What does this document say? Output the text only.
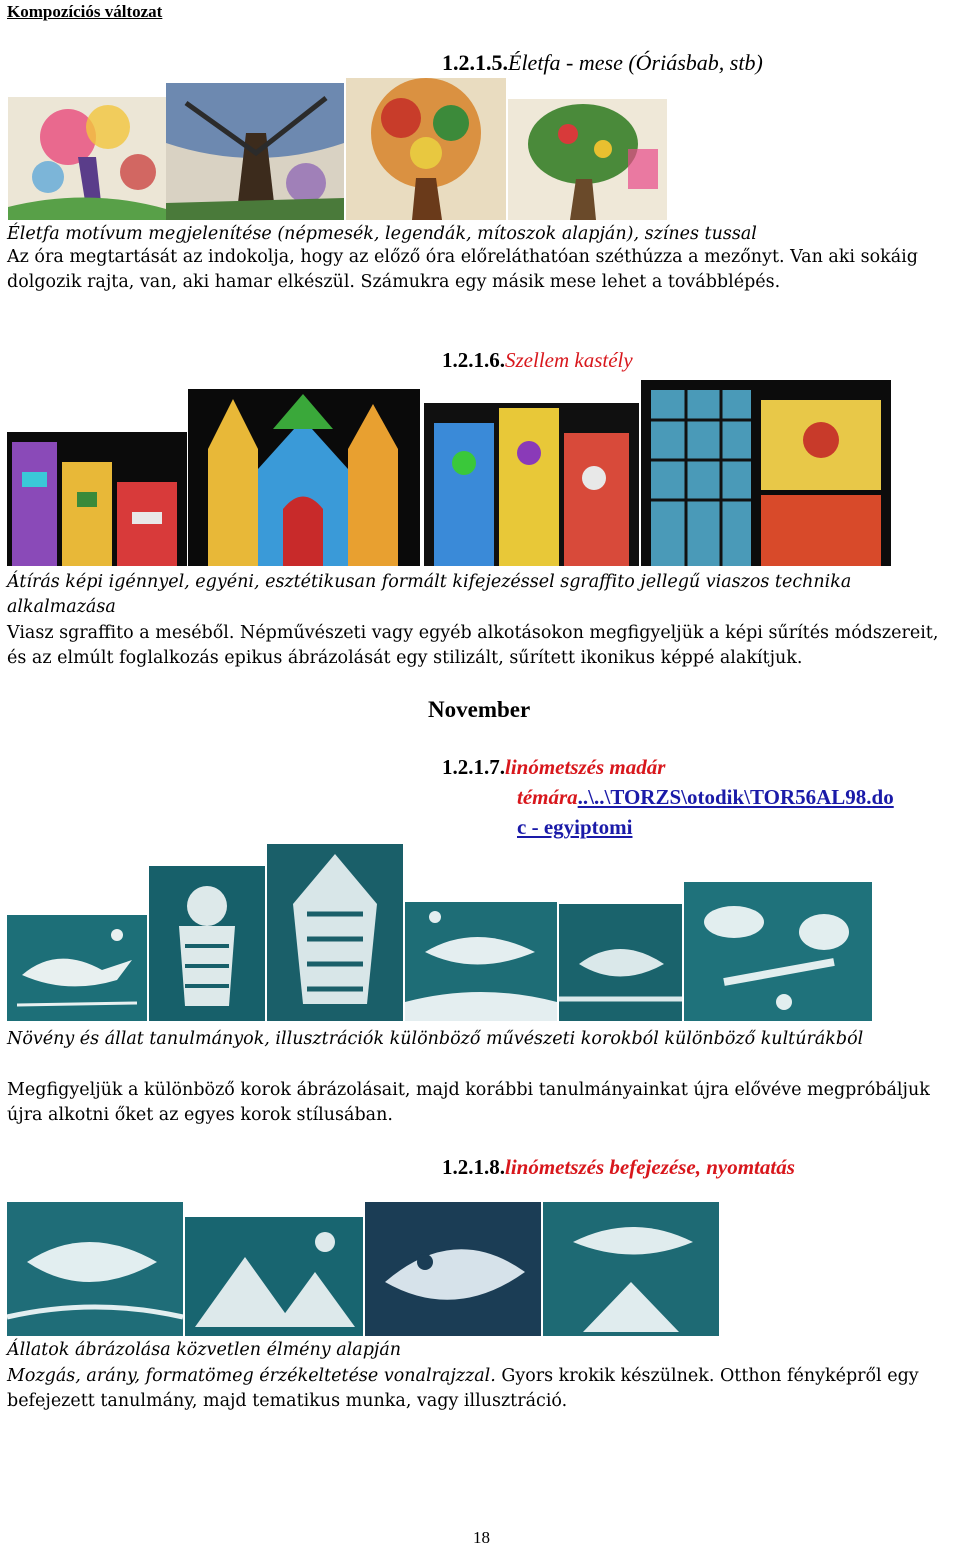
Kompozíciós változat
1.2.1.5.Életfa - mese (Óriásbab, stb)

Életfa motívum megjelenítése (népmesék, legendák, mítoszok alapján), színes tussal

Az óra megtartását az indokolja, hogy az előző óra előreláthatóan széthúzza a mezőnyt. Van aki sokáig dolgozik rajta, van, aki hamar elkészül. Számukra egy másik mese lehet a továbblépés.

1.2.1.6.Szellem kastély

Átírás képi igénnyel, egyéni, esztétikusan formált kifejezéssel sgraffito jellegű viaszos technika alkalmazása

Viasz sgraffito a meséből. Népművészeti vagy egyéb alkotásokon megfigyeljük a képi sűrítés módszereit, és az elmúlt foglalkozás epikus ábrázolását egy stilizált, sűrített ikonikus képpé alakítjuk.

November
1.2.1.7.linómetszés madár
témára..\..\TORZS\otodik\TOR56AL98.do
c - egyiptomi

Növény és állat tanulmányok, illusztrációk különböző művészeti korokból különböző kultúrákból

Megfigyeljük a különböző korok ábrázolásait, majd korábbi tanulmányainkat újra elővéve megpróbáljuk újra alkotni őket az egyes korok stílusában.

1.2.1.8.linómetszés befejezése, nyomtatás

Állatok ábrázolása közvetlen élmény alapján

Mozgás, arány, formatömeg érzékeltetése vonalrajzzal. Gyors krokik készülnek. Otthon fényképről egy befejezett tanulmány, majd tematikus munka, vagy illusztráció.

18
